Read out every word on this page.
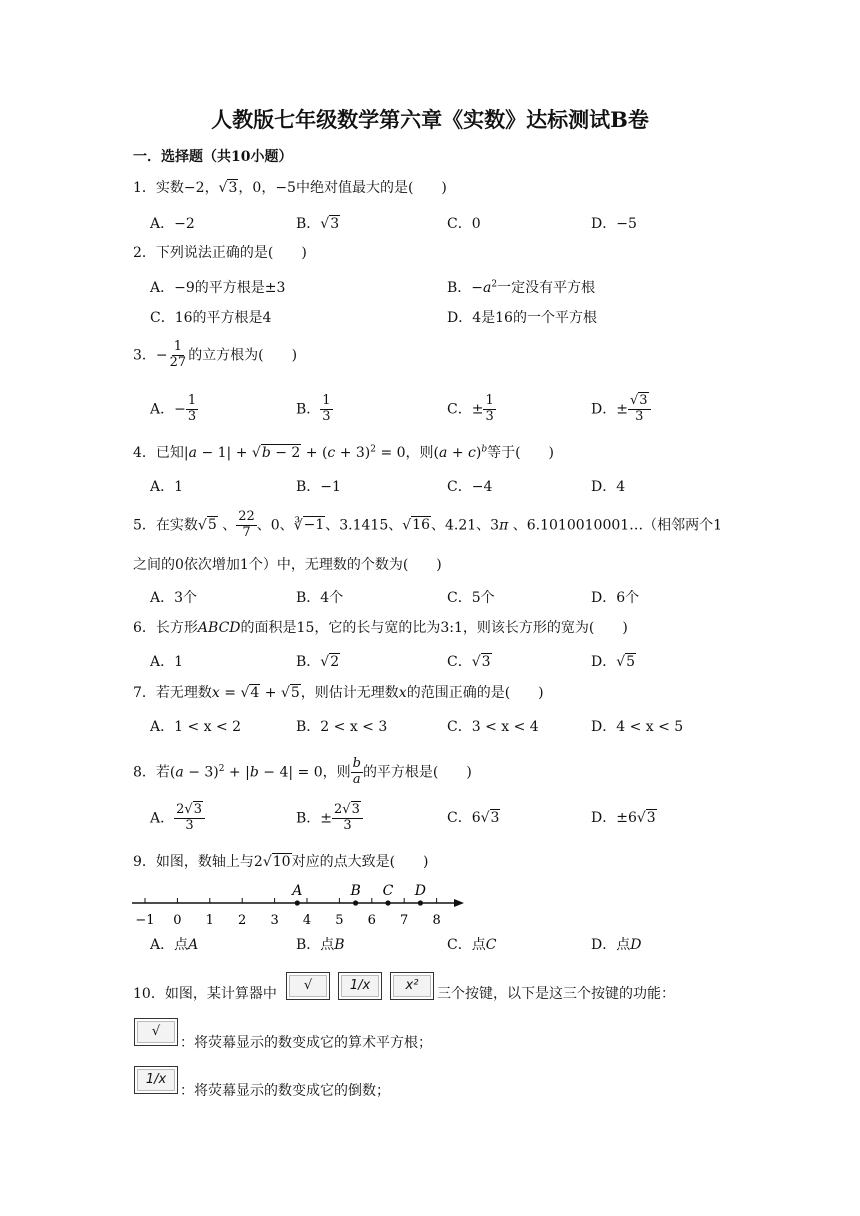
人教版七年级数学第六章《实数》达标测试B卷
一．选择题（共10小题）
1．实数−2，√3，0，−5中绝对值最大的是(　　)
A．−2	B．√3	C．0	D．−5
2．下列说法正确的是(　　)
A．−9的平方根是±3	B．$-a^2$一定没有平方根
C．16的平方根是4	D．4是16的一个平方根
3．− $\frac{1}{27}$ 的立方根为(　　)
A．− $\frac{1}{3}$	B． $\frac{1}{3}$	C．± $\frac{1}{3}$	D．± $\frac{√3}{3}$
4．已知$|a - 1| + √b - 2 + (c + 3)^2 = 0$，则$(a + c)^b$等于(　　)
A．1	B．−1	C．−4	D．4
5．在实数√5 、 $\frac{22}{7}$ 、0、∛−1、3.1415、√16、4.21、3π 、6.1010010001…（相邻两个1
之间的0依次增加1个）中，无理数的个数为(　　)
A．3个	B．4个	C．5个	D．6个
6．长方形ABCD的面积是15，它的长与宽的比为3:1，则该长方形的宽为(　　)
A．1	B．√2	C．√3	D．√5
7．若无理数x = √4 + √5，则估计无理数x的范围正确的是(　　)
A．1 < x < 2	B．2 < x < 3	C．3 < x < 4	D．4 < x < 5
8．若$(a - 3)^2 + |b - 4| = 0$，则 $\frac{b}{a}$ 的平方根是(　　)
A． $\frac{2√3}{3}$	B．± $\frac{2√3}{3}$	C．6√3	D．±6√3
9．如图，数轴上与2√10对应的点大致是(　　)
−1 0 1 2 3 4 5 6 7 8
A	B C D
A．点A	B．点B	C．点C	D．点D
10．如图，某计算器中
√	1/x	x²
三个按键，以下是这三个按键的功能：
√
：将荧幕显示的数变成它的算术平方根；
1/x
：将荧幕显示的数变成它的倒数；
